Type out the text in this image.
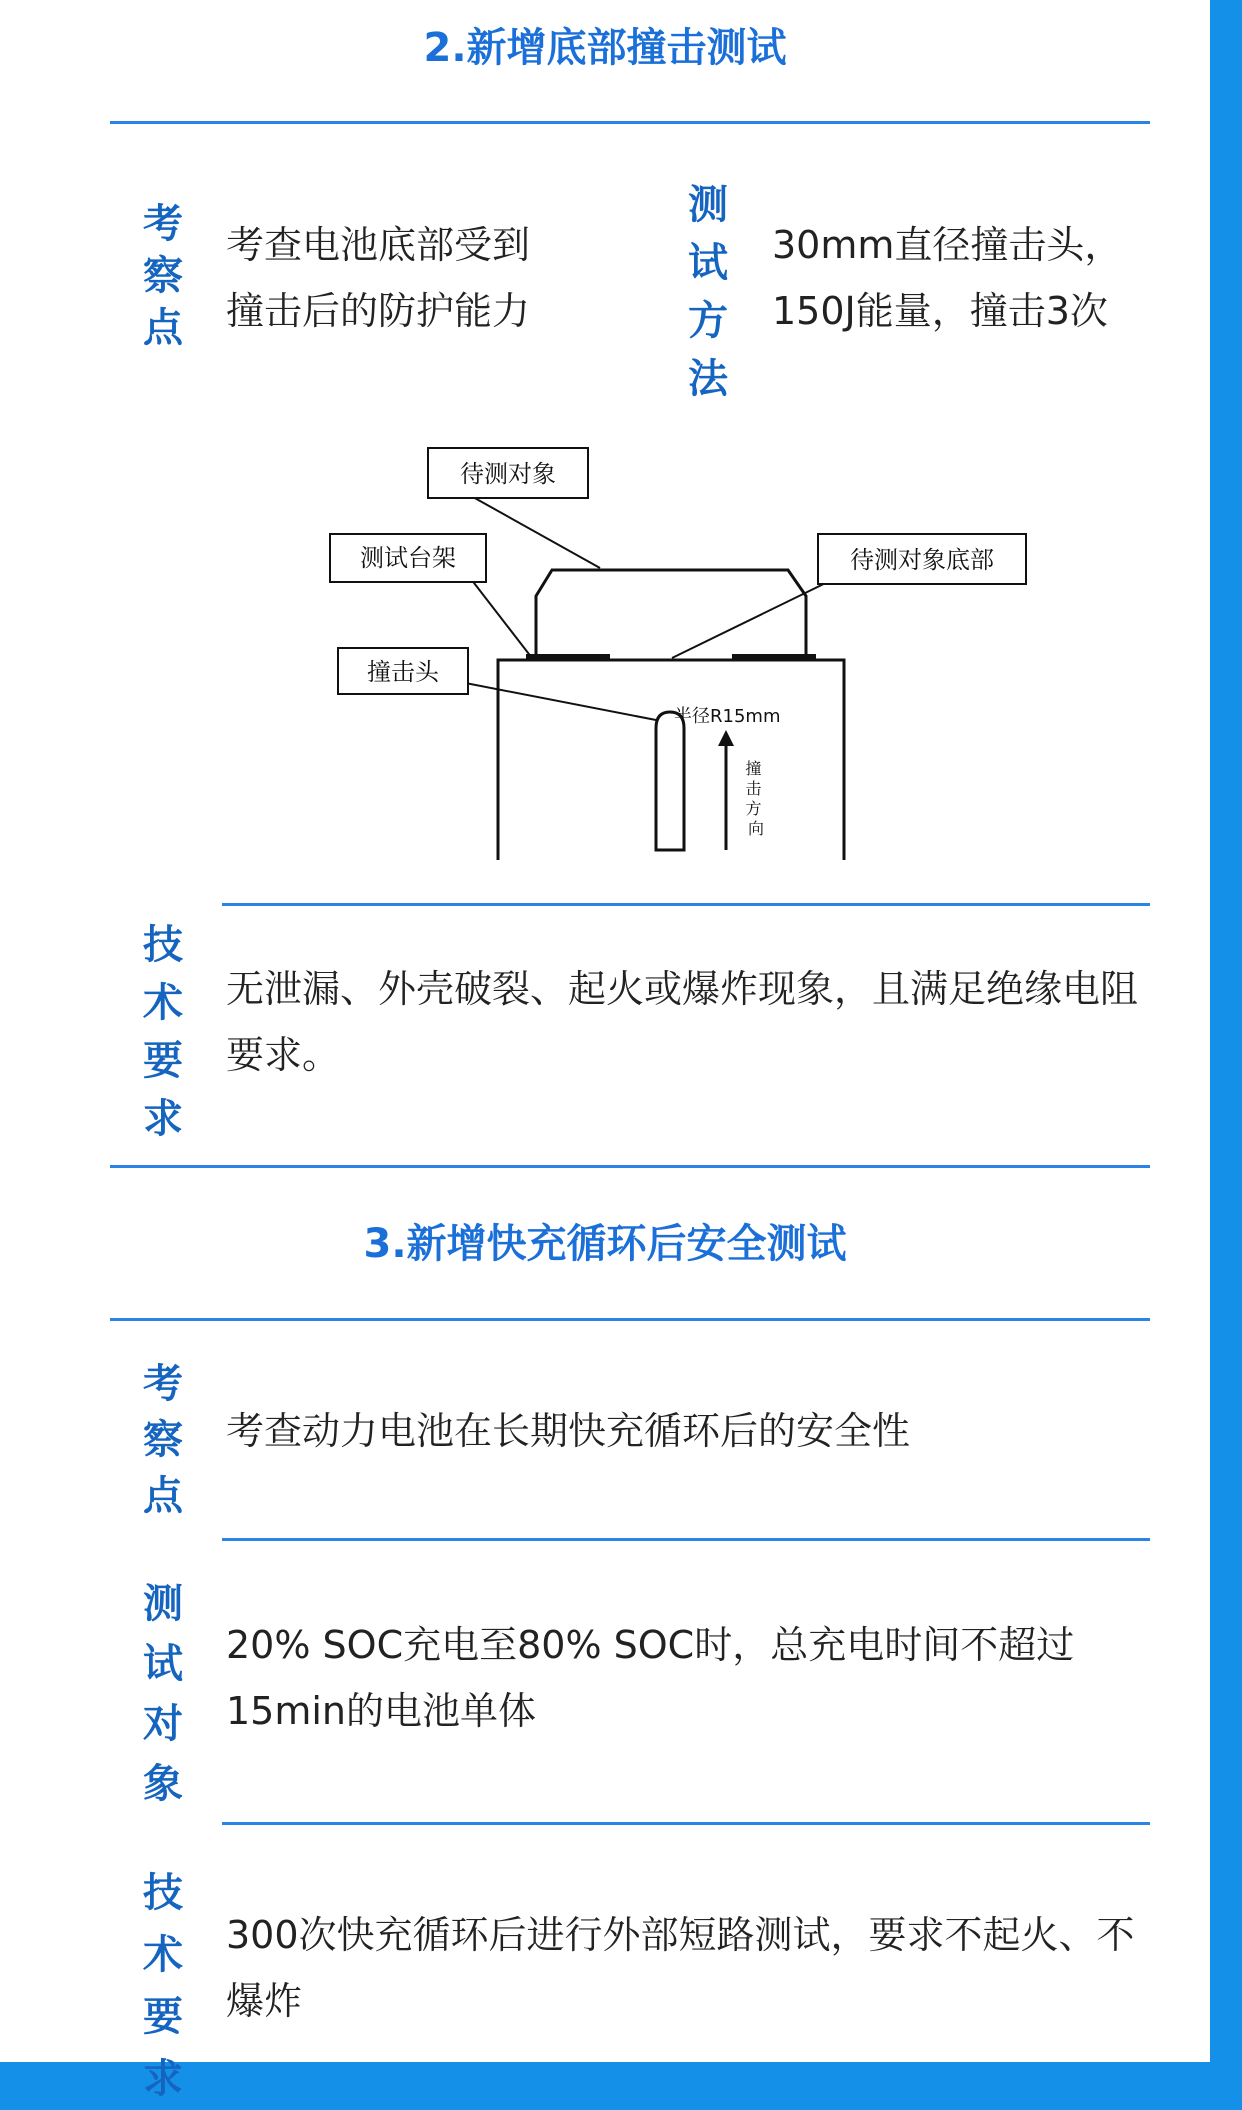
2.新增底部撞击测试
考察点
考查电池底部受到撞击后的防护能力
测试方法
30mm直径撞击头，150J能量，撞击3次
待测对象
测试台架	待测对象底部
撞击头
半径R15mm
撞 击 方 向
技术要求
无泄漏、外壳破裂、起火或爆炸现象，且满足绝缘电阻要求。
3.新增快充循环后安全测试
考察点
考查动力电池在长期快充循环后的安全性
测试对象
20% SOC充电至80% SOC时，总充电时间不超过15min的电池单体
技术要求
300次快充循环后进行外部短路测试，要求不起火、不爆炸
